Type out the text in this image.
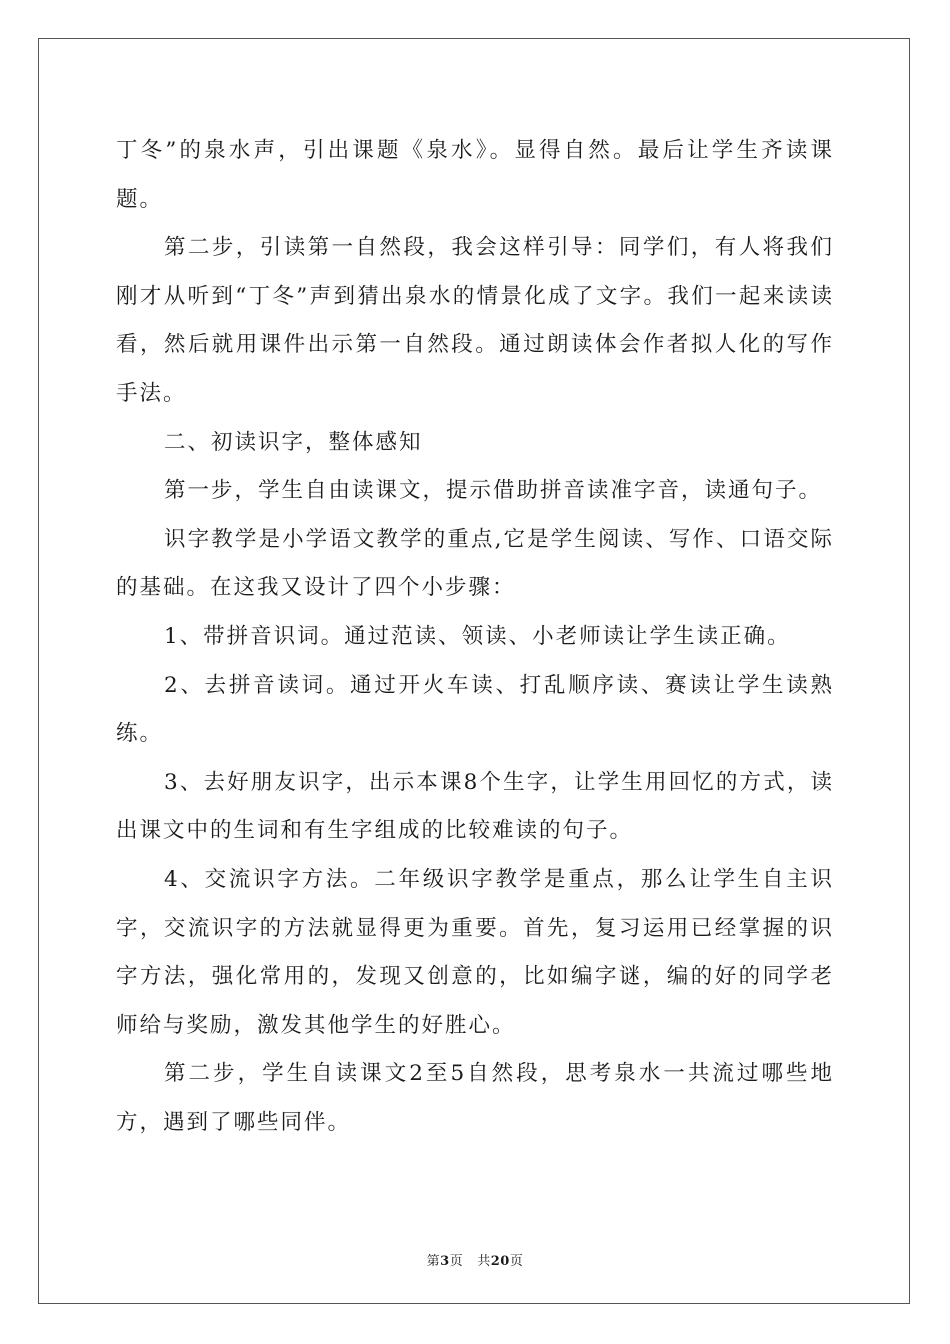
丁冬”的泉水声，引出课题《泉水》。显得自然。最后让学生齐读课题。

第二步，引读第一自然段，我会这样引导：同学们，有人将我们刚才从听到“丁冬”声到猜出泉水的情景化成了文字。我们一起来读读看，然后就用课件出示第一自然段。通过朗读体会作者拟人化的写作手法。

二、初读识字，整体感知

第一步，学生自由读课文，提示借助拼音读准字音，读通句子。

识字教学是小学语文教学的重点,它是学生阅读、写作、口语交际的基础。在这我又设计了四个小步骤：

1、带拼音识词。通过范读、领读、小老师读让学生读正确。

2、去拼音读词。通过开火车读、打乱顺序读、赛读让学生读熟练。

3、去好朋友识字，出示本课8个生字，让学生用回忆的方式，读出课文中的生词和有生字组成的比较难读的句子。

4、交流识字方法。二年级识字教学是重点，那么让学生自主识字，交流识字的方法就显得更为重要。首先，复习运用已经掌握的识字方法，强化常用的，发现又创意的，比如编字谜，编的好的同学老师给与奖励，激发其他学生的好胜心。

第二步，学生自读课文2至5自然段，思考泉水一共流过哪些地方，遇到了哪些同伴。

第3页 共20页
